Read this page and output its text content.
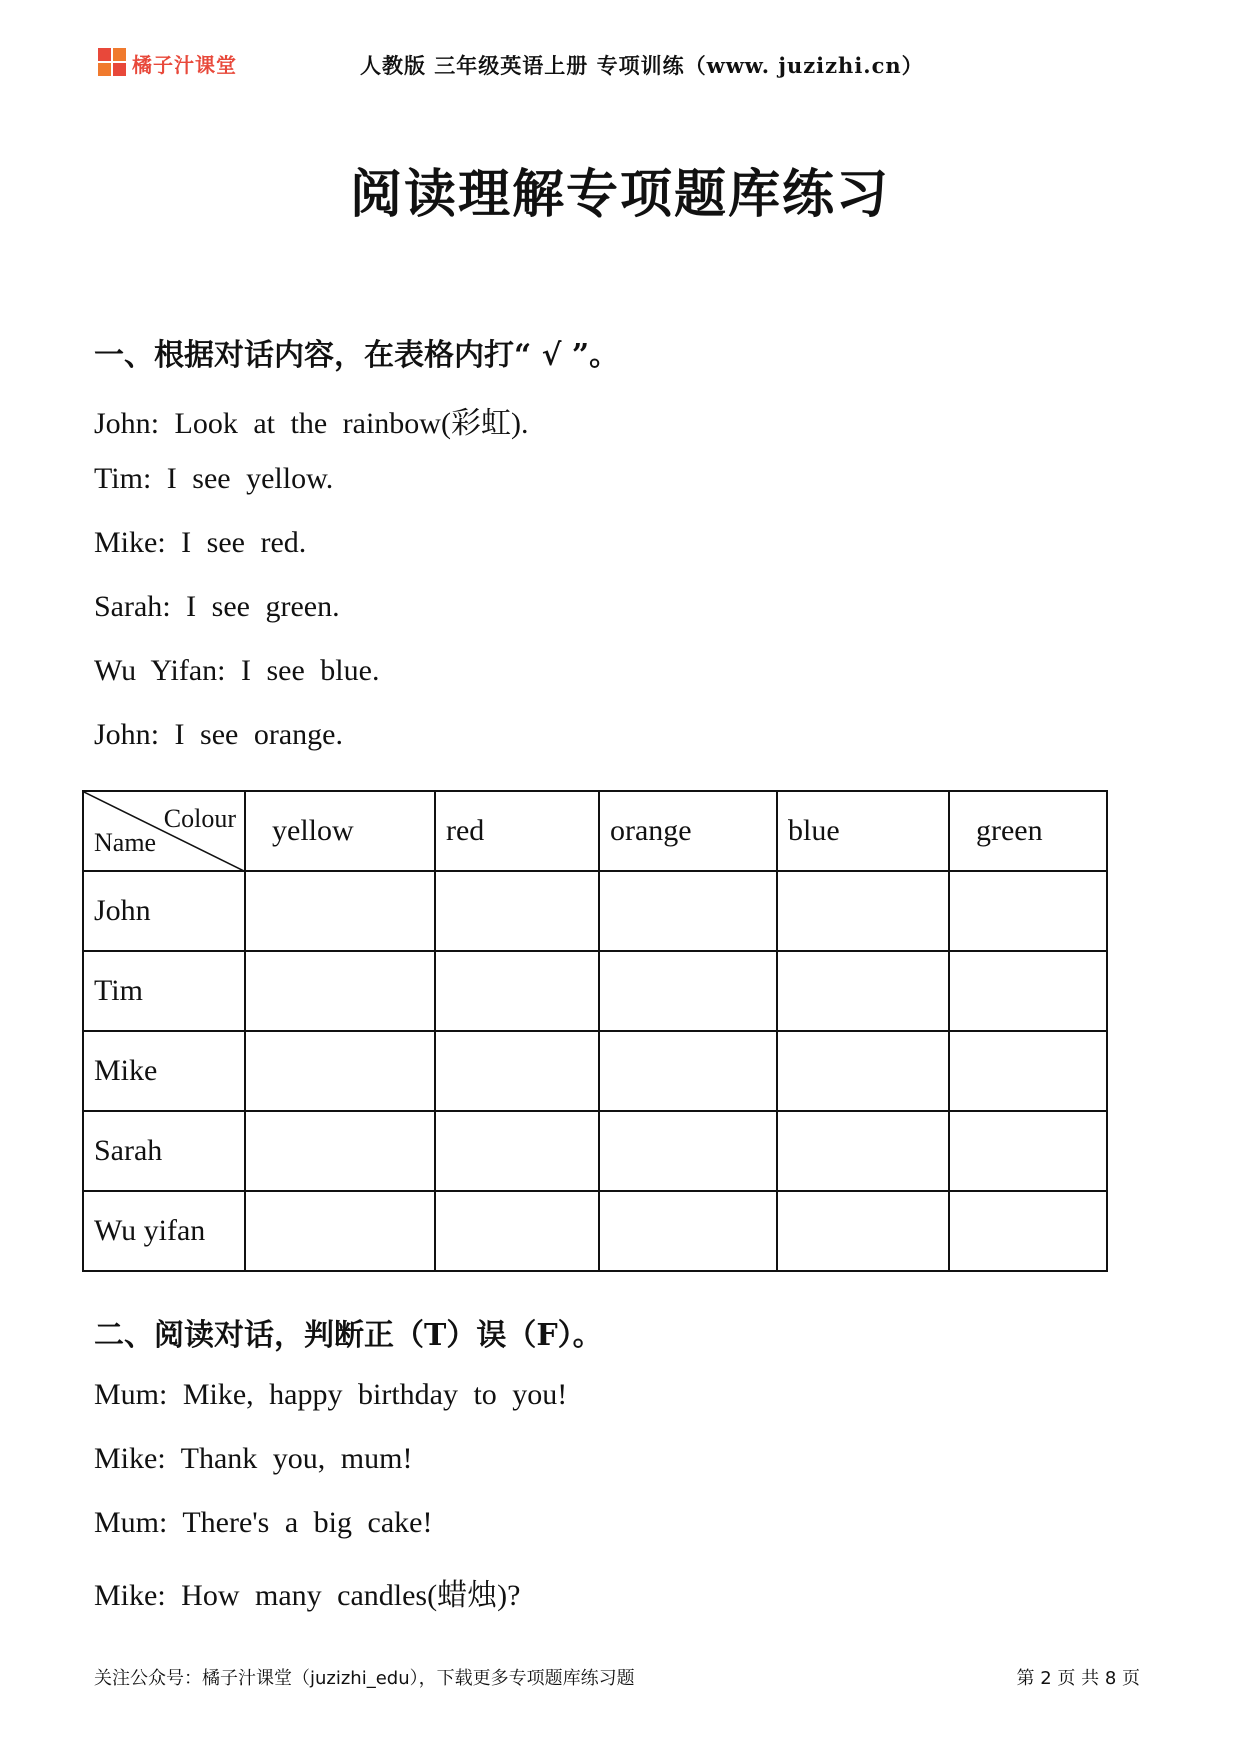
橘子汁课堂	人教版 三年级英语上册 专项训练（www. juzizhi.cn）
阅读理解专项题库练习
一、根据对话内容，在表格内打“ √ ”。
John: Look at the rainbow(彩虹).
Tim: I see yellow.
Mike: I see red.
Sarah: I see green.
Wu Yifan: I see blue.
John: I see orange.
Colour
Name	yellow	red	orange	blue	green
John					
Tim					
Mike					
Sarah					
Wu yifan					
二、阅读对话，判断正（T）误（F）。
Mum: Mike, happy birthday to you!
Mike: Thank you, mum!
Mum: There's a big cake!
Mike: How many candles(蜡烛)?
关注公众号：橘子汁课堂（juzizhi_edu），下载更多专项题库练习题	第 2 页 共 8 页
